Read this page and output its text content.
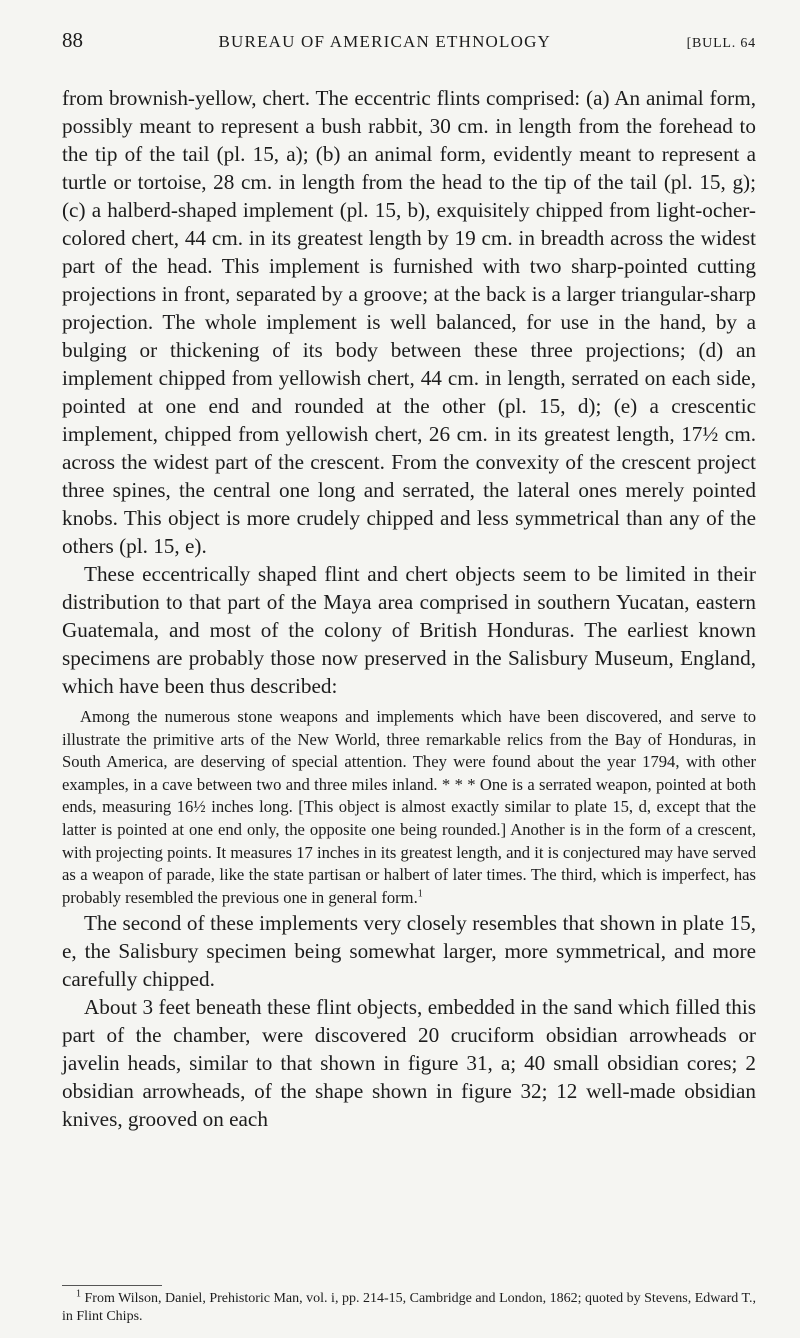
88	BUREAU OF AMERICAN ETHNOLOGY	[BULL. 64

from brownish-yellow, chert. The eccentric flints comprised: (a) An animal form, possibly meant to represent a bush rabbit, 30 cm. in length from the forehead to the tip of the tail (pl. 15, a); (b) an animal form, evidently meant to represent a turtle or tortoise, 28 cm. in length from the head to the tip of the tail (pl. 15, g); (c) a halberd-shaped implement (pl. 15, b), exquisitely chipped from light-ocher-colored chert, 44 cm. in its greatest length by 19 cm. in breadth across the widest part of the head. This implement is furnished with two sharp-pointed cutting projections in front, separated by a groove; at the back is a larger triangular-sharp projection. The whole implement is well balanced, for use in the hand, by a bulging or thickening of its body between these three projections; (d) an implement chipped from yellowish chert, 44 cm. in length, serrated on each side, pointed at one end and rounded at the other (pl. 15, d); (e) a crescentic implement, chipped from yellowish chert, 26 cm. in its greatest length, 17½ cm. across the widest part of the crescent. From the convexity of the crescent project three spines, the central one long and serrated, the lateral ones merely pointed knobs. This object is more crudely chipped and less symmetrical than any of the others (pl. 15, e).

These eccentrically shaped flint and chert objects seem to be limited in their distribution to that part of the Maya area comprised in southern Yucatan, eastern Guatemala, and most of the colony of British Honduras. The earliest known specimens are probably those now preserved in the Salisbury Museum, England, which have been thus described:

Among the numerous stone weapons and implements which have been discovered, and serve to illustrate the primitive arts of the New World, three remarkable relics from the Bay of Honduras, in South America, are deserving of special attention. They were found about the year 1794, with other examples, in a cave between two and three miles inland. * * * One is a serrated weapon, pointed at both ends, measuring 16½ inches long. [This object is almost exactly similar to plate 15, d, except that the latter is pointed at one end only, the opposite one being rounded.] Another is in the form of a crescent, with projecting points. It measures 17 inches in its greatest length, and it is conjectured may have served as a weapon of parade, like the state partisan or halbert of later times. The third, which is imperfect, has probably resembled the previous one in general form.$^1$

The second of these implements very closely resembles that shown in plate 15, e, the Salisbury specimen being somewhat larger, more symmetrical, and more carefully chipped.

About 3 feet beneath these flint objects, embedded in the sand which filled this part of the chamber, were discovered 20 cruciform obsidian arrowheads or javelin heads, similar to that shown in figure 31, a; 40 small obsidian cores; 2 obsidian arrowheads, of the shape shown in figure 32; 12 well-made obsidian knives, grooved on each

$^1$ From Wilson, Daniel, Prehistoric Man, vol. i, pp. 214-15, Cambridge and London, 1862; quoted by Stevens, Edward T., in Flint Chips.
